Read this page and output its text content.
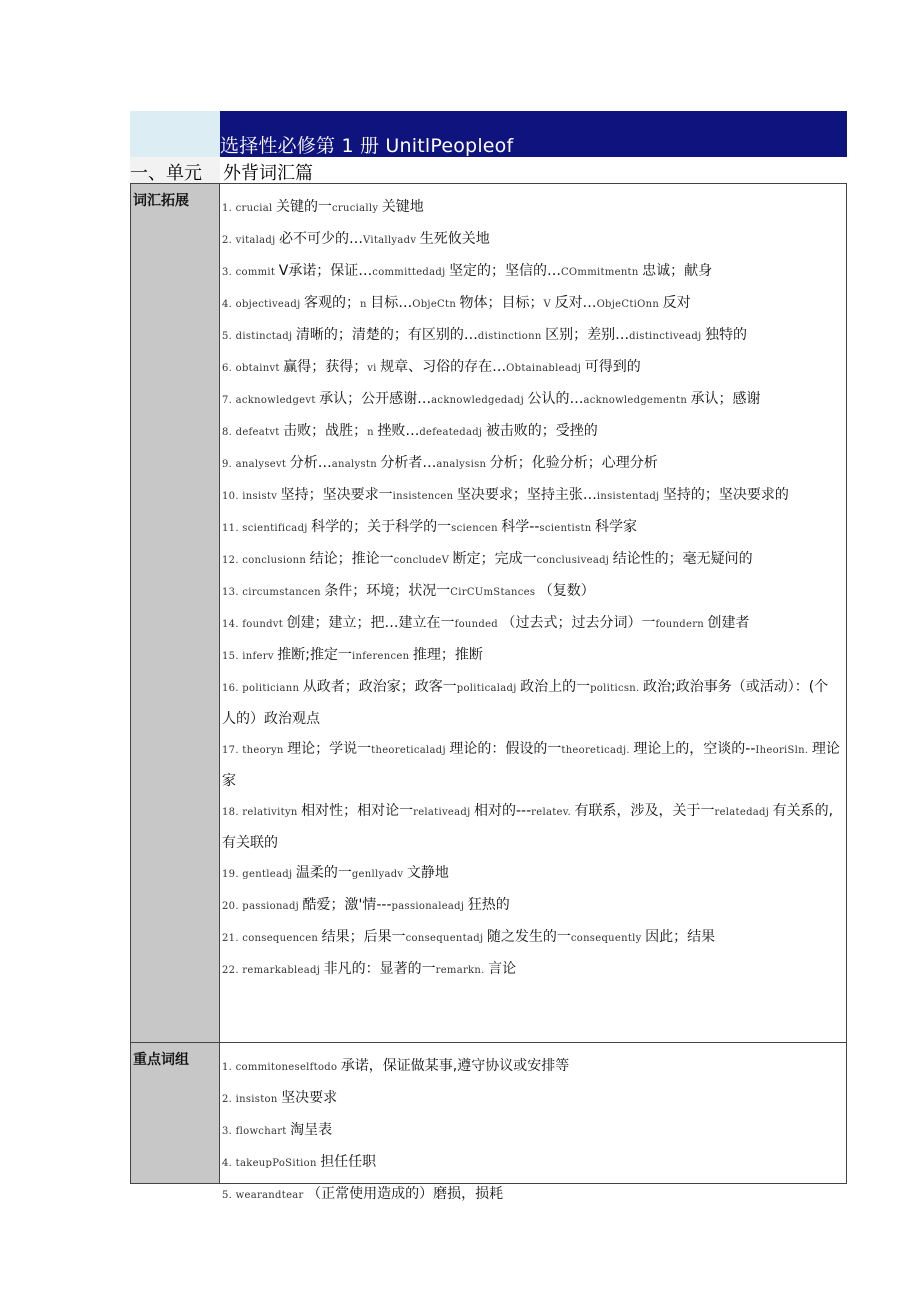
选择性必修第 1 册 UnitlPeopleof
一、单元	外背词汇篇
词汇拓展	1. crucial 关键的一crucially 关键地

2. vitaladj 必不可少的…Vitallyadv 生死攸关地

3. commit V承诺；保证…committedadj 坚定的；坚信的…COmmitmentn 忠诚；献身

4. objectiveadj 客观的；n 目标…ObjeCtn 物体；目标；V 反对…ObjeCtiOnn 反对

5. distinctadj 清晰的；清楚的；有区别的…distinctionn 区别；差别…distinctiveadj 独特的

6. obtainvt 赢得；获得；vi 规章、习俗的存在…Obtainableadj 可得到的

7. acknowledgevt 承认；公开感谢…acknowledgedadj 公认的…acknowledgementn 承认；感谢

8. defeatvt 击败；战胜；n 挫败…defeatedadj 被击败的；受挫的

9. analysevt 分析…analystn 分析者…analysisn 分析；化验分析；心理分析

10. insistv 坚持；坚决要求一insistencen 坚决要求；坚持主张…insistentadj 坚持的；坚决要求的

11. scientificadj 科学的；关于科学的一sciencen 科学--scientistn 科学家

12. conclusionn 结论；推论一concludeV 断定；完成一conclusiveadj 结论性的；毫无疑问的

13. circumstancen 条件；环境；状况一CirCUmStances （复数）

14. foundvt 创建；建立；把…建立在一founded （过去式；过去分词）一foundern 创建者

15. inferv 推断;推定一inferencen 推理；推断

16. politiciann 从政者；政治家；政客一politicaladj 政治上的一politicsn. 政治;政治事务（或活动）：(个人的）政治观点

17. theoryn 理论；学说一theoreticaladj 理论的：假设的一theoreticadj. 理论上的，空谈的--IheoriSln. 理论家

18. relativityn 相对性；相对论一relativeadj 相对的---relatev. 有联系，涉及，关于一relatedadj 有关系的,有关联的

19. gentleadj 温柔的一genllyadv 文静地

20. passionadj 酷爱；激'情---passionaleadj 狂热的

21. consequencen 结果；后果一consequentadj 随之发生的一consequently 因此；结果

22. remarkableadj 非凡的：显著的一remarkn. 言论

重点词组	1. commitoneselftodo 承诺，保证做某事,遵守协议或安排等

2. insiston 坚决要求

3. flowchart 淘呈表

4. takeupPoSition 担任任职

5. wearandtear （正常使用造成的）磨损，损耗
